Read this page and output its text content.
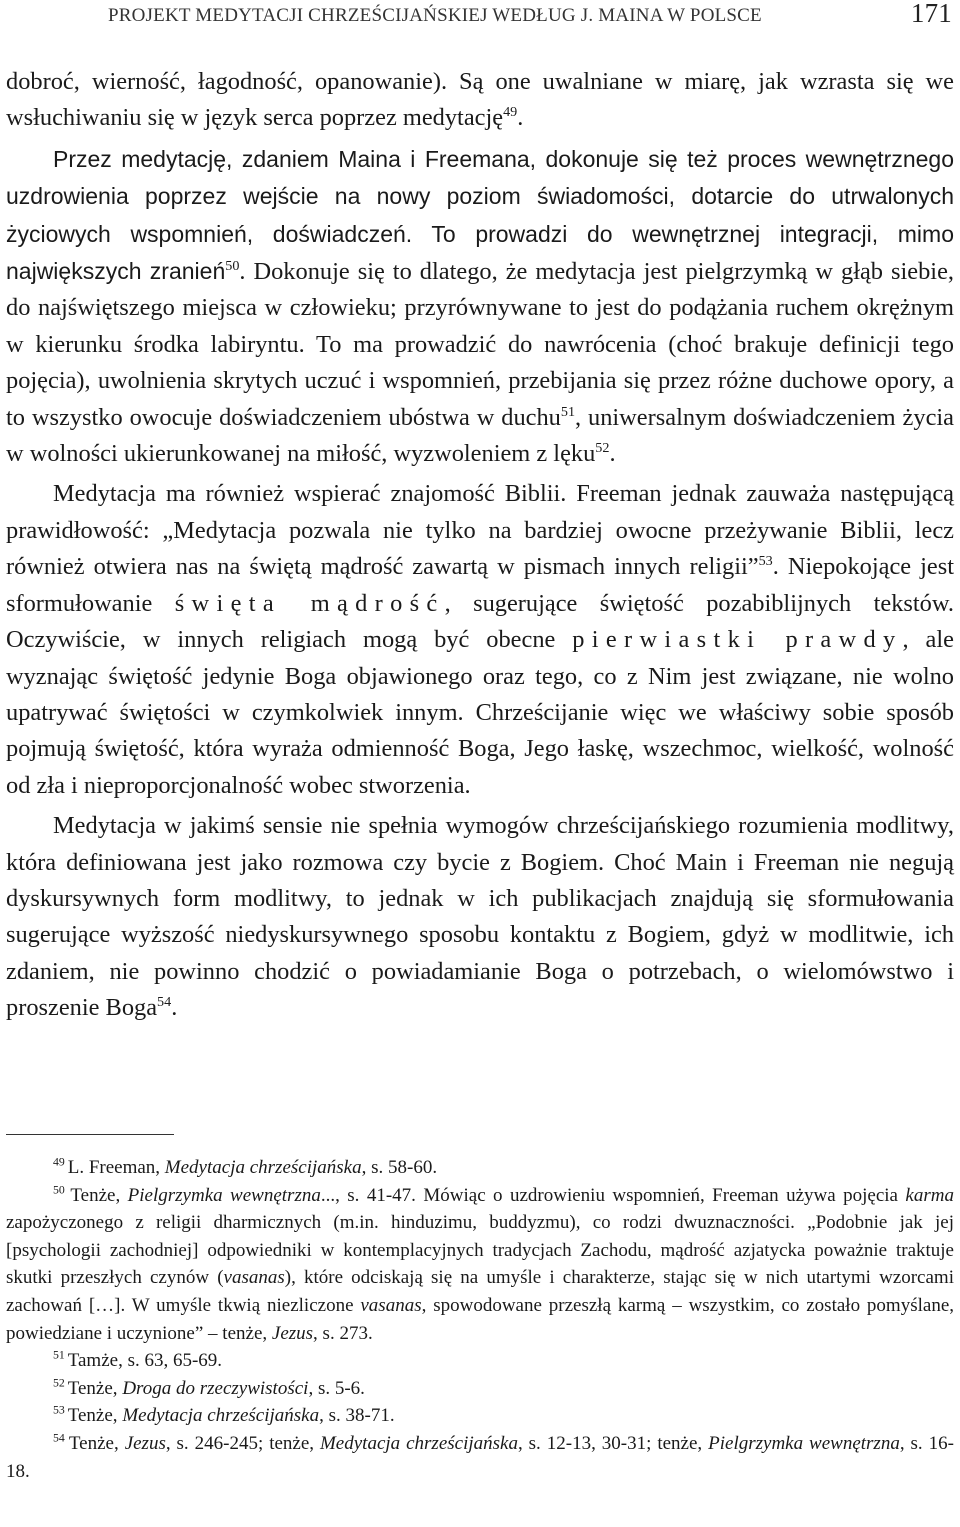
PROJEKT MEDYTACJI CHRZEŚCIJAŃSKIEJ WEDŁUG J. MAINA W POLSCE	171

dobroć, wierność, łagodność, opanowanie). Są one uwalniane w miarę, jak wzrasta się we wsłuchiwaniu się w język serca poprzez medytację$^{49}$.

Przez medytację, zdaniem Maina i Freemana, dokonuje się też proces wewnętrznego uzdrowienia poprzez wejście na nowy poziom świadomości, dotarcie do utrwalonych życiowych wspomnień, doświadczeń. To prowadzi do wewnętrznej integracji, mimo największych zranień$^{50}$. Dokonuje się to dlatego, że medytacja jest pielgrzymką w głąb siebie, do najświętszego miejsca w człowieku; przyrównywane to jest do podążania ruchem okrężnym w kierunku środka labiryntu. To ma prowadzić do nawrócenia (choć brakuje definicji tego pojęcia), uwolnienia skrytych uczuć i wspomnień, przebijania się przez różne duchowe opory, a to wszystko owocuje doświadczeniem ubóstwa w duchu$^{51}$, uniwersalnym doświadczeniem życia w wolności ukierunkowanej na miłość, wyzwoleniem z lęku$^{52}$.

Medytacja ma również wspierać znajomość Biblii. Freeman jednak zauważa następującą prawidłowość: „Medytacja pozwala nie tylko na bardziej owocne przeżywanie Biblii, lecz również otwiera nas na świętą mądrość zawartą w pismach innych religii”$^{53}$. Niepokojące jest sformułowanie święta mądrość, sugerujące świętość pozabiblijnych tekstów. Oczywiście, w innych religiach mogą być obecne pierwiastki prawdy, ale wyznając świętość jedynie Boga objawionego oraz tego, co z Nim jest związane, nie wolno upatrywać świętości w czymkolwiek innym. Chrześcijanie więc we właściwy sobie sposób pojmują świętość, która wyraża odmienność Boga, Jego łaskę, wszechmoc, wielkość, wolność od zła i nieproporcjonalność wobec stworzenia.

Medytacja w jakimś sensie nie spełnia wymogów chrześcijańskiego rozumienia modlitwy, która definiowana jest jako rozmowa czy bycie z Bogiem. Choć Main i Freeman nie negują dyskursywnych form modlitwy, to jednak w ich publikacjach znajdują się sformułowania sugerujące wyższość niedyskursywnego sposobu kontaktu z Bogiem, gdyż w modlitwie, ich zdaniem, nie powinno chodzić o powiadamianie Boga o potrzebach, o wielomówstwo i proszenie Boga$^{54}$.

$^{49}$ L. Freeman, Medytacja chrześcijańska, s. 58-60.

$^{50}$ Tenże, Pielgrzymka wewnętrzna..., s. 41-47. Mówiąc o uzdrowieniu wspomnień, Freeman używa pojęcia karma zapożyczonego z religii dharmicznych (m.in. hinduzimu, buddyzmu), co rodzi dwuznaczności. „Podobnie jak jej [psychologii zachodniej] odpowiedniki w kontemplacyjnych tradycjach Zachodu, mądrość azjatycka poważnie traktuje skutki przeszłych czynów (vasanas), które odciskają się na umyśle i charakterze, stając się w nich utartymi wzorcami zachowań […]. W umyśle tkwią niezliczone vasanas, spowodowane przeszłą karmą – wszystkim, co zostało pomyślane, powiedziane i uczynione” – tenże, Jezus, s. 273.

$^{51}$ Tamże, s. 63, 65-69.

$^{52}$ Tenże, Droga do rzeczywistości, s. 5-6.

$^{53}$ Tenże, Medytacja chrześcijańska, s. 38-71.

$^{54}$ Tenże, Jezus, s. 246-245; tenże, Medytacja chrześcijańska, s. 12-13, 30-31; tenże, Pielgrzymka wewnętrzna, s. 16-18.
